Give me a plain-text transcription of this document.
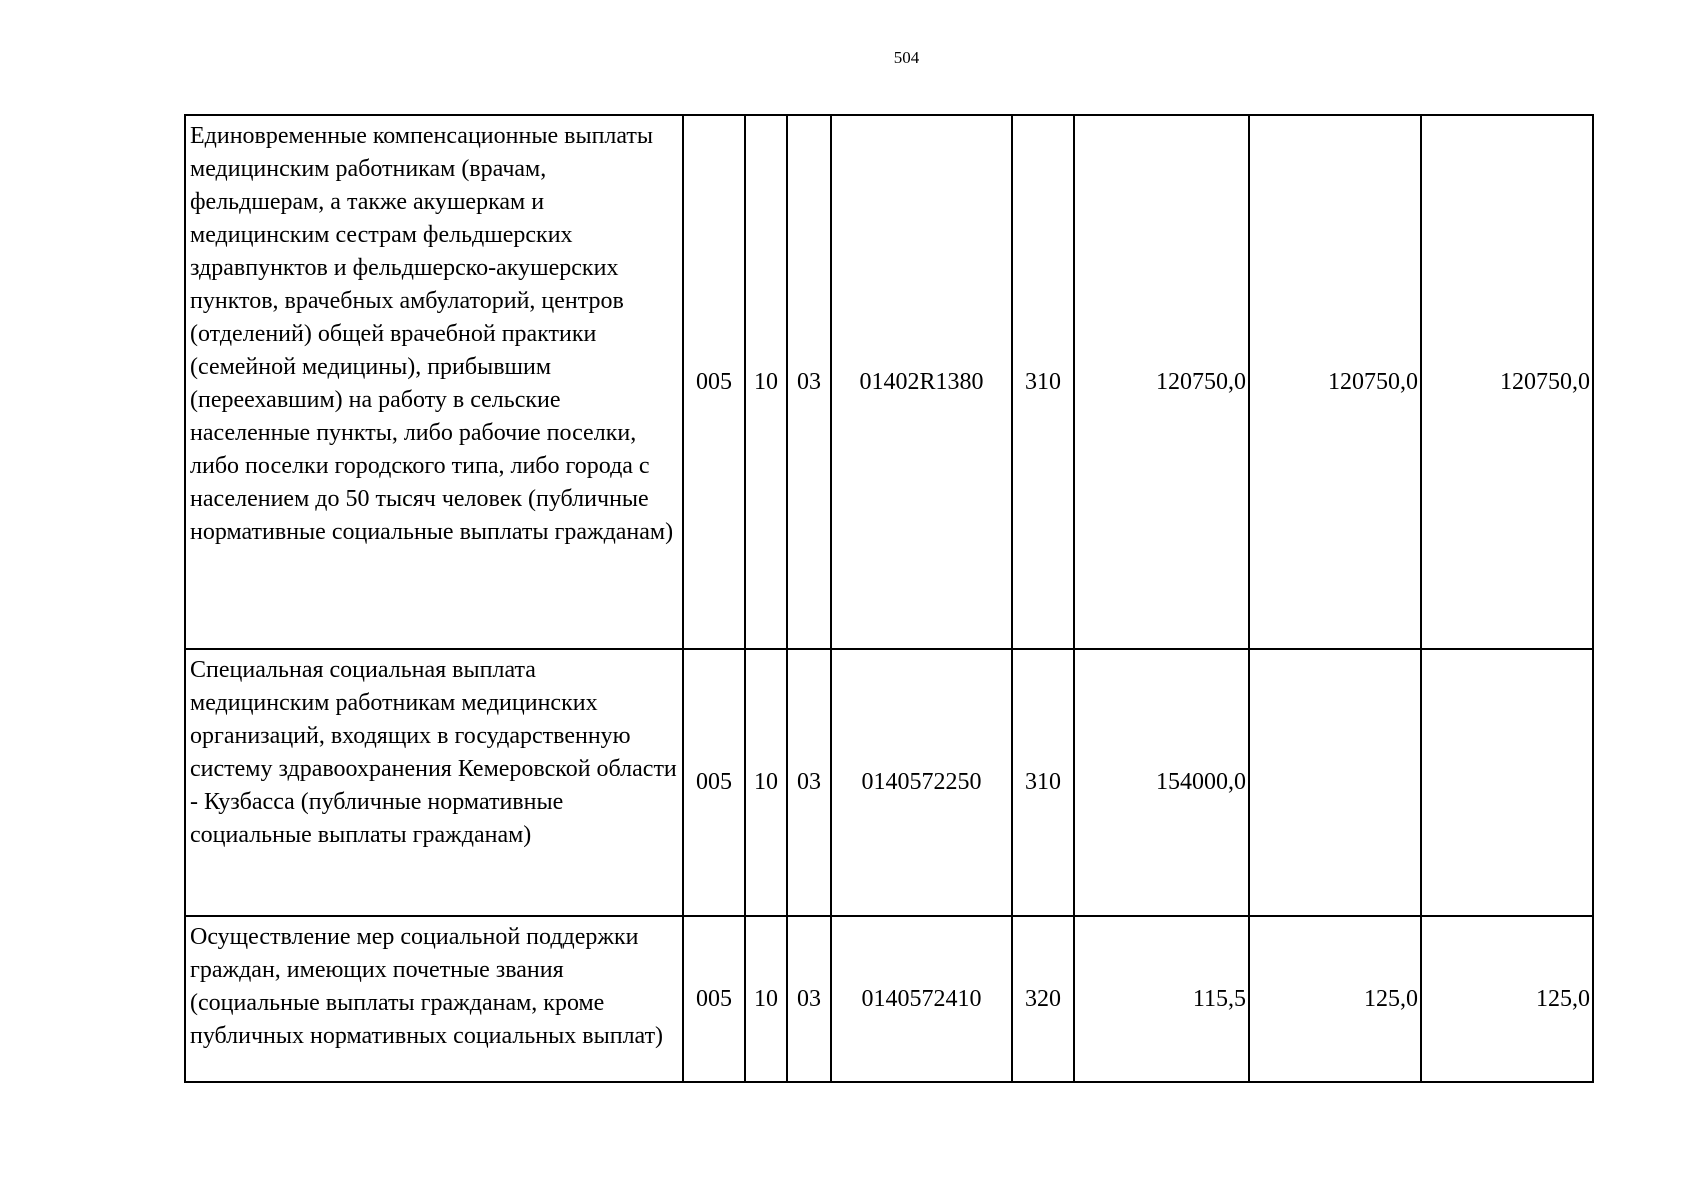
504
Единовременные компенсационные выплаты медицинским работникам (врачам, фельдшерам, а также акушеркам и медицинским сестрам фельдшерских здравпунктов и фельдшерско-акушерских пунктов, врачебных амбулаторий, центров (отделений) общей врачебной практики (семейной медицины), прибывшим (переехавшим) на работу в сельские населенные пункты, либо рабочие поселки, либо поселки городского типа, либо города с населением до 50 тысяч человек (публичные нормативные социальные выплаты гражданам)	005	10	03	01402R1380	310	120750,0	120750,0	120750,0
Специальная социальная выплата медицинским работникам медицинских организаций, входящих в государственную систему здравоохранения Кемеровской области - Кузбасса (публичные нормативные социальные выплаты гражданам)	005	10	03	0140572250	310	154000,0		
Осуществление мер социальной поддержки граждан, имеющих почетные звания (социальные выплаты гражданам, кроме публичных нормативных социальных выплат)	005	10	03	0140572410	320	115,5	125,0	125,0
